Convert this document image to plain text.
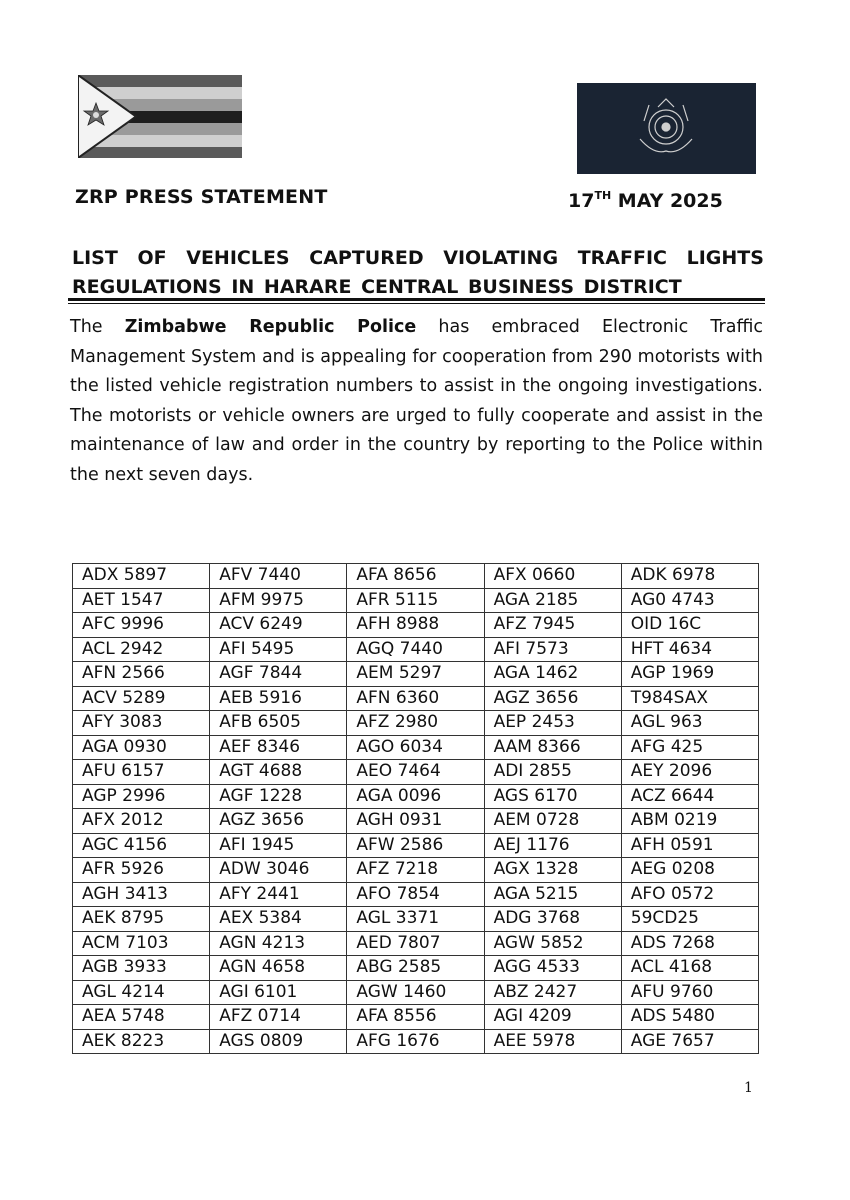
ZRP PRESS STATEMENT	17TH MAY 2025
LIST OF VEHICLES CAPTURED VIOLATING TRAFFIC LIGHTS
REGULATIONS IN HARARE CENTRAL BUSINESS DISTRICT
The Zimbabwe Republic Police has embraced Electronic Traffic Management System and is appealing for cooperation from 290 motorists with the listed vehicle registration numbers to assist in the ongoing investigations. The motorists or vehicle owners are urged to fully cooperate and assist in the maintenance of law and order in the country by reporting to the Police within the next seven days.
ADX 5897	AFV 7440	AFA 8656	AFX 0660	ADK 6978
AET 1547	AFM 9975	AFR 5115	AGA 2185	AG0 4743
AFC 9996	ACV 6249	AFH 8988	AFZ 7945	OID 16C
ACL 2942	AFI 5495	AGQ 7440	AFI 7573	HFT 4634
AFN 2566	AGF 7844	AEM 5297	AGA 1462	AGP 1969
ACV 5289	AEB 5916	AFN 6360	AGZ 3656	T984SAX
AFY 3083	AFB 6505	AFZ 2980	AEP 2453	AGL 963
AGA 0930	AEF 8346	AGO 6034	AAM 8366	AFG 425
AFU 6157	AGT 4688	AEO 7464	ADI 2855	AEY 2096
AGP 2996	AGF 1228	AGA 0096	AGS 6170	ACZ 6644
AFX 2012	AGZ 3656	AGH 0931	AEM 0728	ABM 0219
AGC 4156	AFI 1945	AFW 2586	AEJ 1176	AFH 0591
AFR 5926	ADW 3046	AFZ 7218	AGX 1328	AEG 0208
AGH 3413	AFY 2441	AFO 7854	AGA 5215	AFO 0572
AEK 8795	AEX 5384	AGL 3371	ADG 3768	59CD25
ACM 7103	AGN 4213	AED 7807	AGW 5852	ADS 7268
AGB 3933	AGN 4658	ABG 2585	AGG 4533	ACL 4168
AGL 4214	AGI 6101	AGW 1460	ABZ 2427	AFU 9760
AEA 5748	AFZ 0714	AFA 8556	AGI 4209	ADS 5480
AEK 8223	AGS 0809	AFG 1676	AEE 5978	AGE 7657
1
